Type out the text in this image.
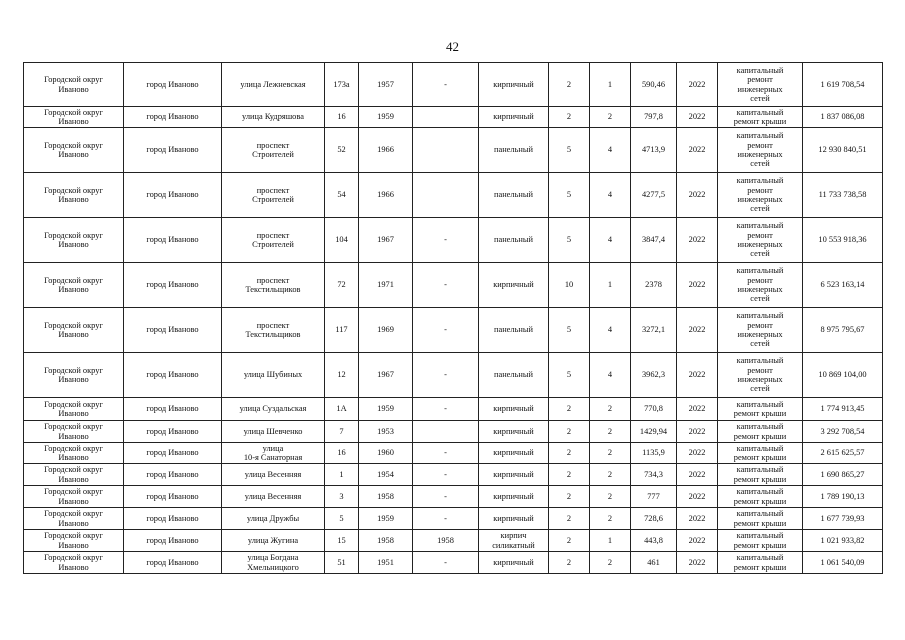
42
Городской округ
Иваново	город Иваново	улица Лежневская	173а	1957	-	кирпичный	2	1	590,46	2022	капитальный
ремонт
инженерных
сетей	1 619 708,54
Городской округ
Иваново	город Иваново	улица Кудряшова	16	1959		кирпичный	2	2	797,8	2022	капитальный
ремонт крыши	1 837 086,08
Городской округ
Иваново	город Иваново	проспект
Строителей	52	1966		панельный	5	4	4713,9	2022	капитальный
ремонт
инженерных
сетей	12 930 840,51
Городской округ
Иваново	город Иваново	проспект
Строителей	54	1966		панельный	5	4	4277,5	2022	капитальный
ремонт
инженерных
сетей	11 733 738,58
Городской округ
Иваново	город Иваново	проспект
Строителей	104	1967	-	панельный	5	4	3847,4	2022	капитальный
ремонт
инженерных
сетей	10 553 918,36
Городской округ
Иваново	город Иваново	проспект
Текстильщиков	72	1971	-	кирпичный	10	1	2378	2022	капитальный
ремонт
инженерных
сетей	6 523 163,14
Городской округ
Иваново	город Иваново	проспект
Текстильщиков	117	1969	-	панельный	5	4	3272,1	2022	капитальный
ремонт
инженерных
сетей	8 975 795,67
Городской округ
Иваново	город Иваново	улица Шубиных	12	1967	-	панельный	5	4	3962,3	2022	капитальный
ремонт
инженерных
сетей	10 869 104,00
Городской округ
Иваново	город Иваново	улица Суздальская	1А	1959	-	кирпичный	2	2	770,8	2022	капитальный
ремонт крыши	1 774 913,45
Городской округ
Иваново	город Иваново	улица Шевченко	7	1953		кирпичный	2	2	1429,94	2022	капитальный
ремонт крыши	3 292 708,54
Городской округ
Иваново	город Иваново	улица
10-я Санаторная	16	1960	-	кирпичный	2	2	1135,9	2022	капитальный
ремонт крыши	2 615 625,57
Городской округ
Иваново	город Иваново	улица Весенняя	1	1954	-	кирпичный	2	2	734,3	2022	капитальный
ремонт крыши	1 690 865,27
Городской округ
Иваново	город Иваново	улица Весенняя	3	1958	-	кирпичный	2	2	777	2022	капитальный
ремонт крыши	1 789 190,13
Городской округ
Иваново	город Иваново	улица Дружбы	5	1959	-	кирпичный	2	2	728,6	2022	капитальный
ремонт крыши	1 677 739,93
Городской округ
Иваново	город Иваново	улица Жугина	15	1958	1958	кирпич
силикатный	2	1	443,8	2022	капитальный
ремонт крыши	1 021 933,82
Городской округ
Иваново	город Иваново	улица Богдана
Хмельницкого	51	1951	-	кирпичный	2	2	461	2022	капитальный
ремонт крыши	1 061 540,09
